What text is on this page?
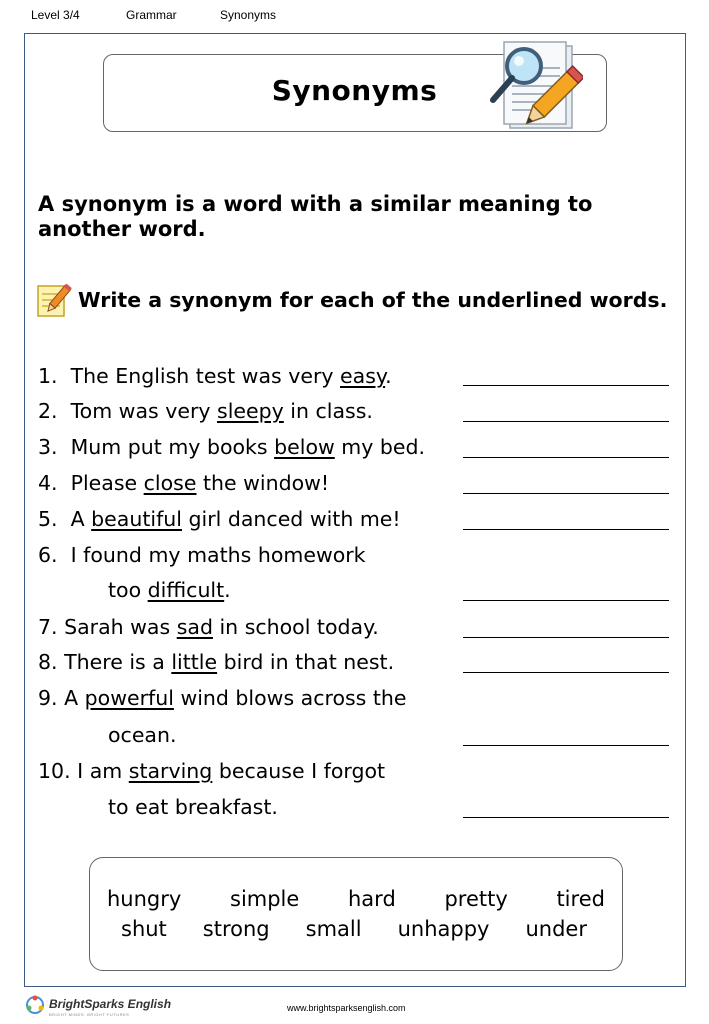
Level 3/4	Grammar	Synonyms
Synonyms
A synonym is a word with a similar meaning to another word.
Write a synonym for each of the underlined words.
1. The English test was very easy.
2. Tom was very sleepy in class.
3. Mum put my books below my bed.
4. Please close the window!
5. A beautiful girl danced with me!
6. I found my maths homework
too difficult.
7. Sarah was sad in school today.
8. There is a little bird in that nest.
9. A powerful wind blows across the
ocean.
10. I am starving because I forgot
to eat breakfast.
hungry simple hard pretty tired
shut strong small unhappy under
BrightSparks English
BRIGHT MINDS, BRIGHT FUTURES
www.brightsparksenglish.com
